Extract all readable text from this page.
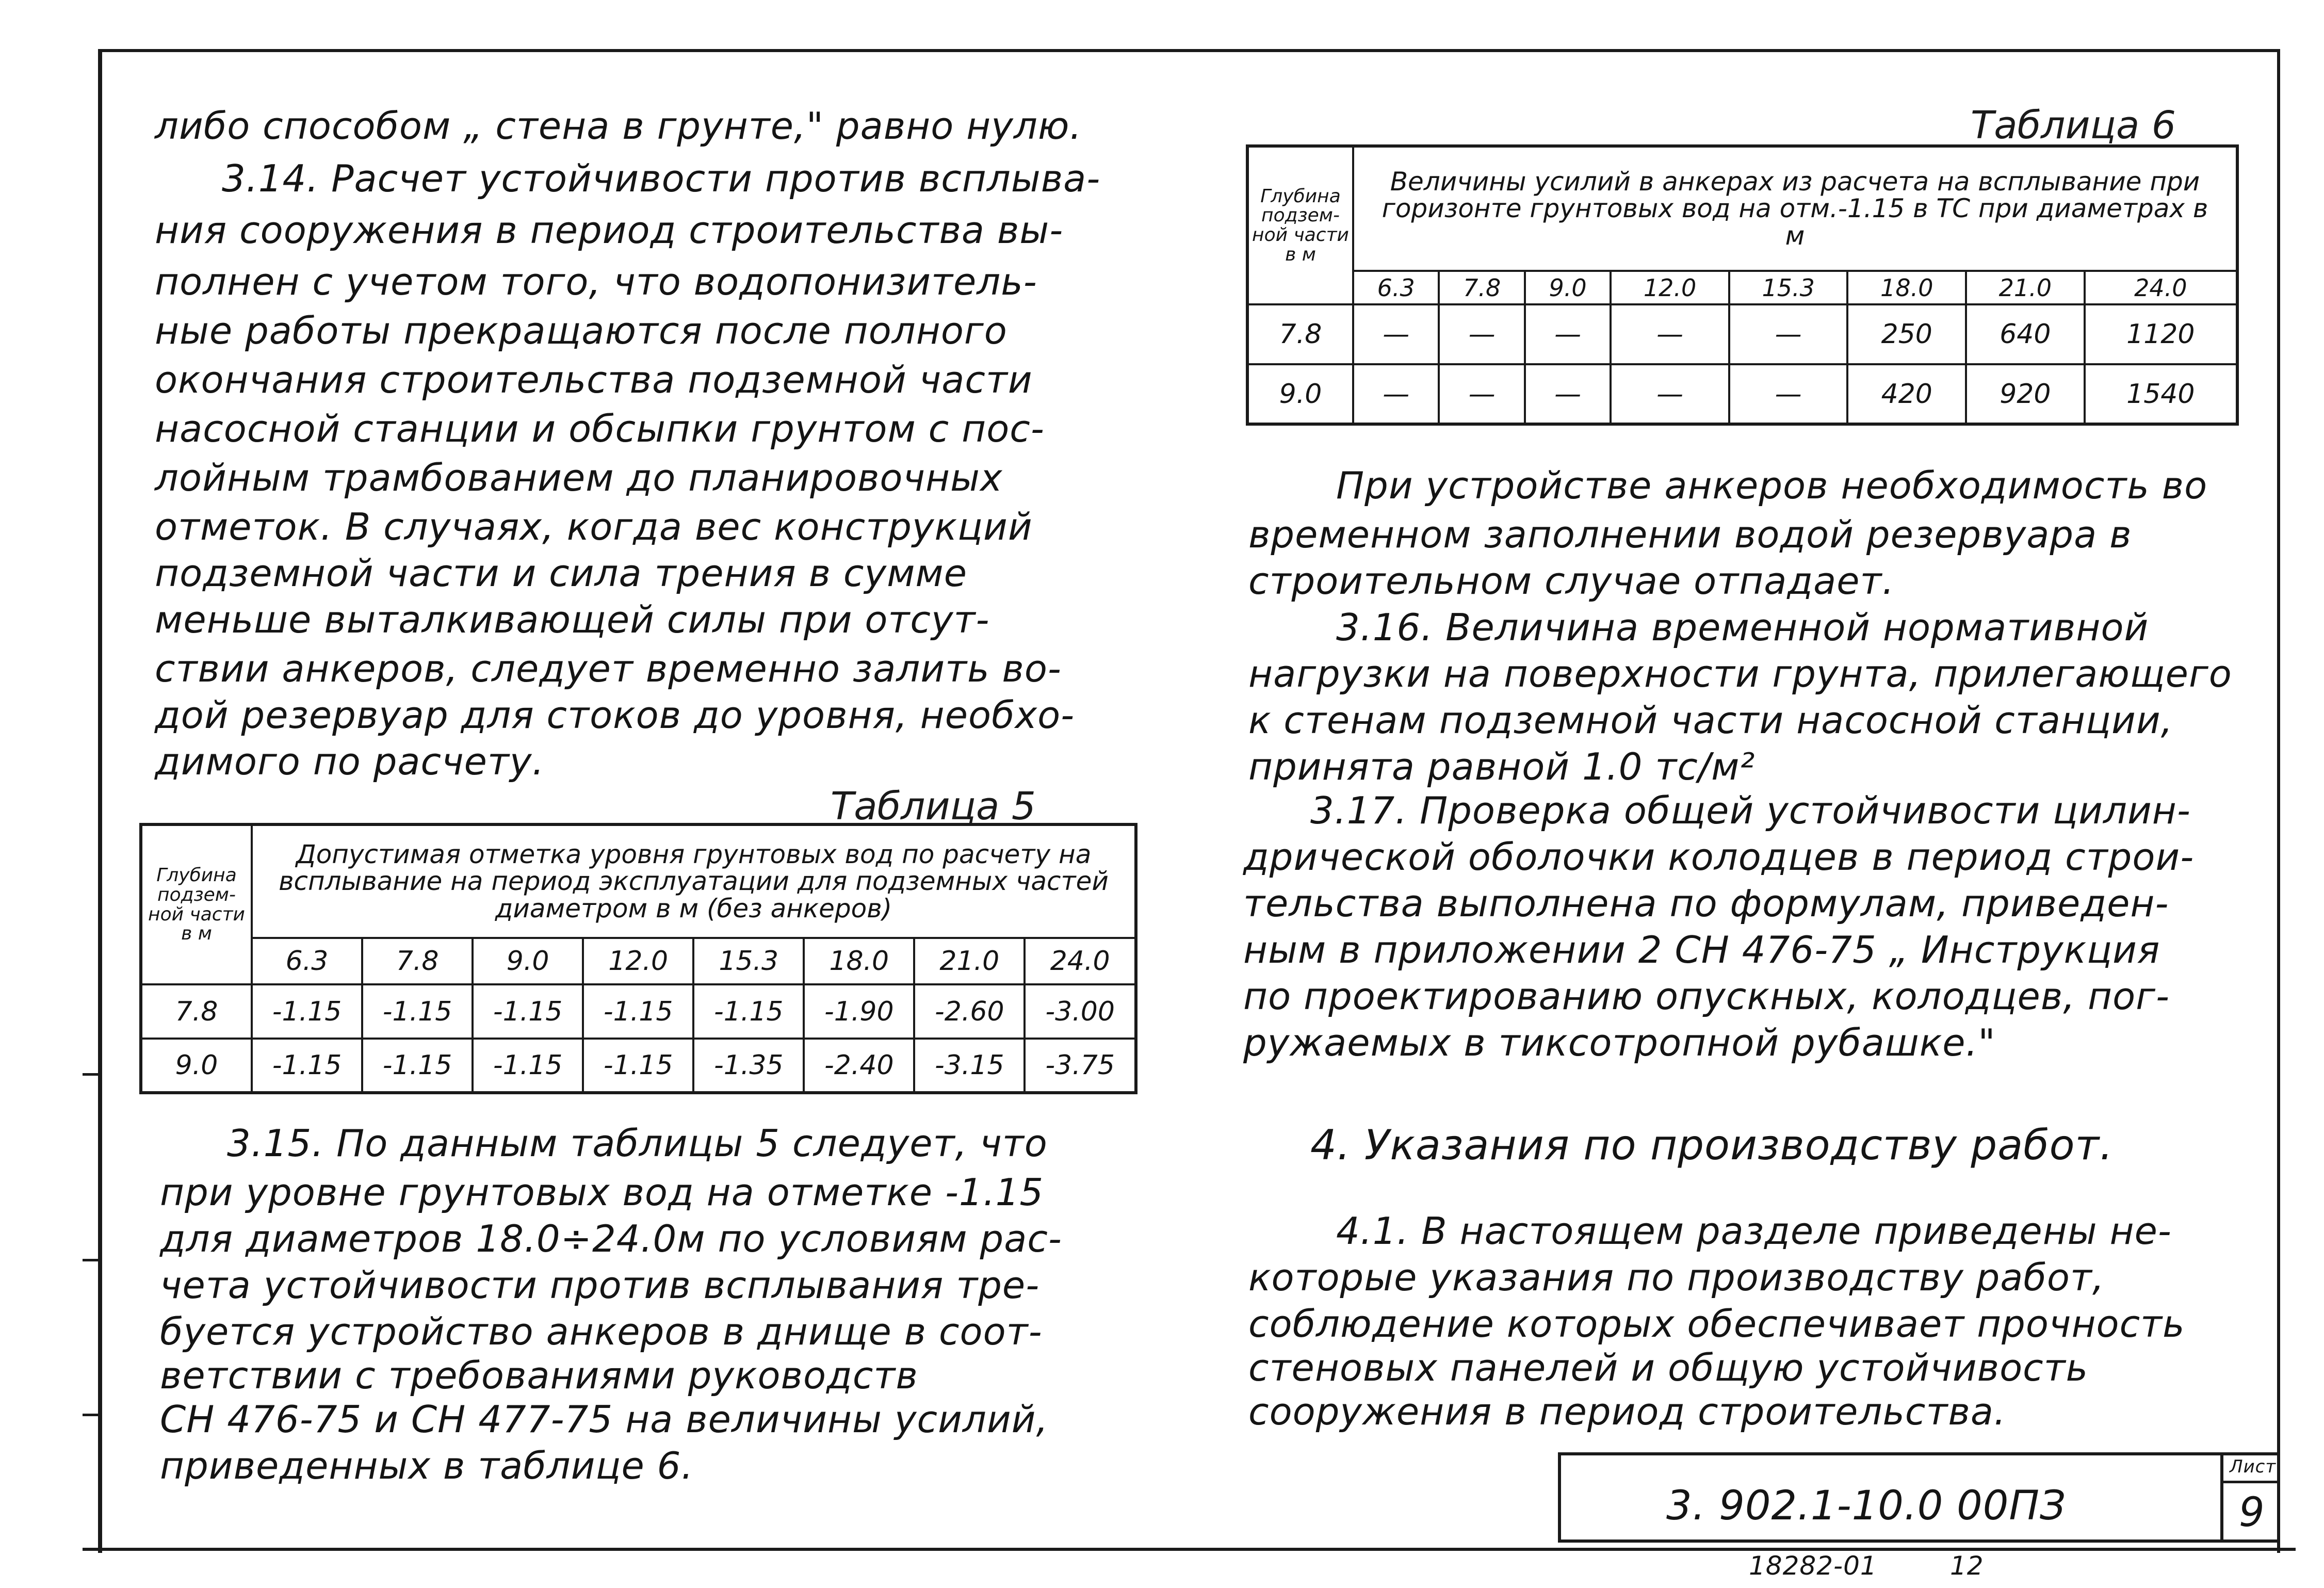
либо способом „ стена в грунте," равно нулю.
3.14. Расчет устойчивости против всплыва-
ния сооружения в период строительства вы-
полнен с учетом того, что водопонизитель-
ные работы прекращаются после полного
окончания строительства подземной части
насосной станции и обсыпки грунтом с пос-
лойным трамбованием до планировочных
отметок. В случаях, когда вес конструкций
подземной части и сила трения в сумме
меньше выталкивающей силы при отсут-
ствии анкеров, следует временно залить во-
дой резервуар для стоков до уровня, необхо-
димого по расчету.
Таблица 5
Глубина подзем-ной части в м	Допустимая отметка уровня грунтовых вод по расчету на всплывание на период эксплуатации для подземных частей диаметром в м (без анкеров)							
	6.3	7.8	9.0	12.0	15.3	18.0	21.0	24.0
7.8	-1.15	-1.15	-1.15	-1.15	-1.15	-1.90	-2.60	-3.00
9.0	-1.15	-1.15	-1.15	-1.15	-1.35	-2.40	-3.15	-3.75
3.15. По данным таблицы 5 следует, что
при уровне грунтовых вод на отметке -1.15
для диаметров 18.0÷24.0м по условиям рас-
чета устойчивости против всплывания тре-
буется устройство анкеров в днище в соот-
ветствии с требованиями руководств
СН 476-75 и СН 477-75 на величины усилий,
приведенных в таблице 6.
Таблица 6
Глубина подзем-ной части в м	Величины усилий в анкерах из расчета на всплывание при горизонте грунтовых вод на отм.-1.15 в ТС при диаметрах в м							
	6.3	7.8	9.0	12.0	15.3	18.0	21.0	24.0
7.8	—	—	—	—	—	250	640	1120
9.0	—	—	—	—	—	420	920	1540
При устройстве анкеров необходимость во
временном заполнении водой резервуара в
строительном случае отпадает.
3.16. Величина временной нормативной
нагрузки на поверхности грунта, прилегающего
к стенам подземной части насосной станции,
принята равной 1.0 тс/м²
3.17. Проверка общей устойчивости цилин-
дрической оболочки колодцев в период строи-
тельства выполнена по формулам, приведен-
ным в приложении 2 СН 476-75 „ Инструкция
по проектированию опускных, колодцев, пог-
ружаемых в тиксотропной рубашке."
4. Указания по производству работ.
4.1. В настоящем разделе приведены не-
которые указания по производству работ,
соблюдение которых обеспечивает прочность
стеновых панелей и общую устойчивость
сооружения в период строительства.
3. 902.1-10.0 00ПЗ
Лист
9
18282-01	12
